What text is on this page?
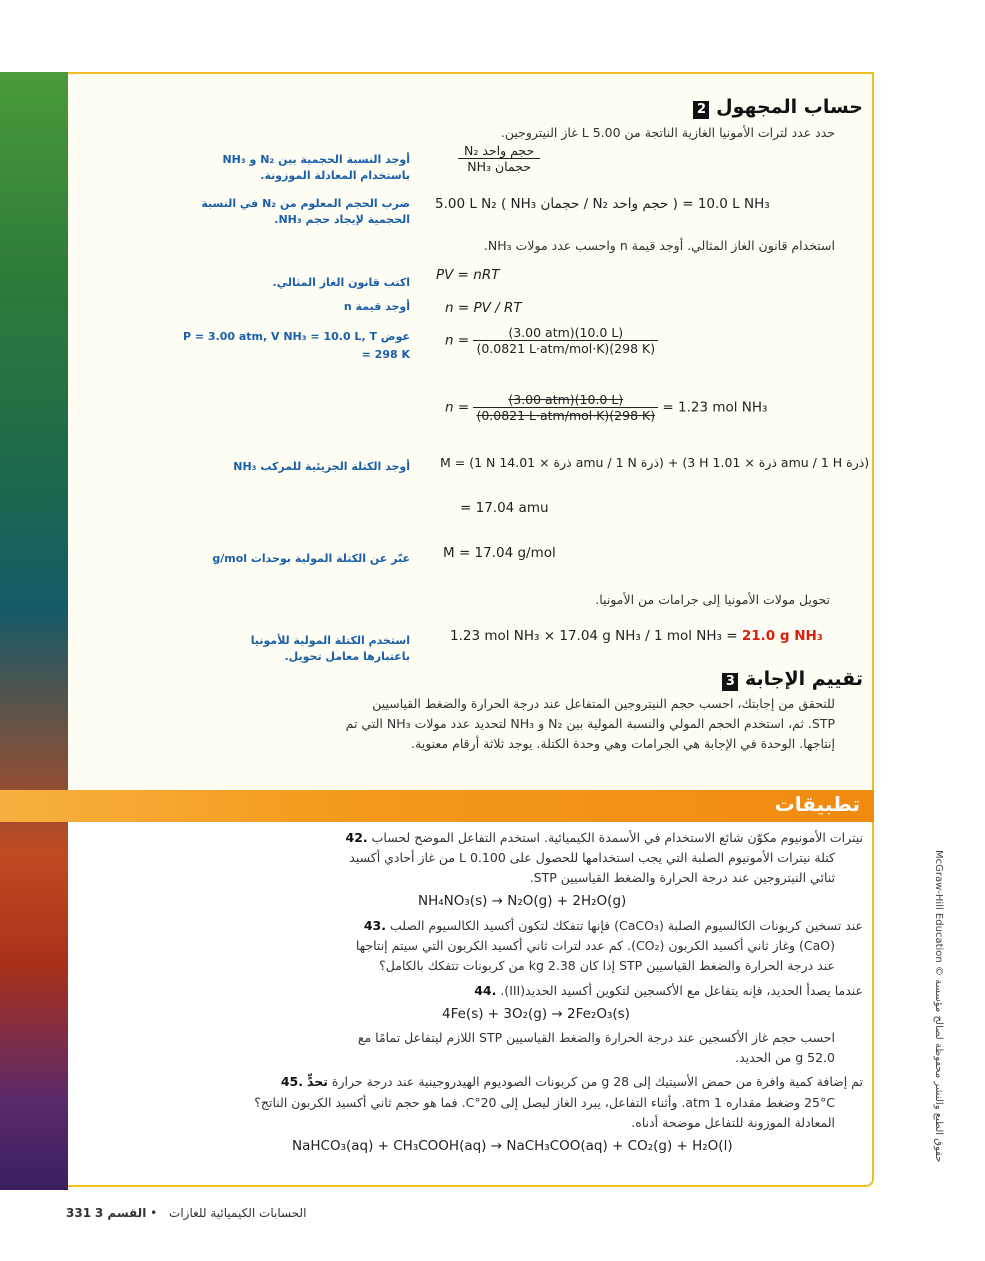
حساب المجهول 2
حدد عدد لترات الأمونيا الغازية الناتجة من 5.00 L غاز النيتروجين.
N₂ حجم واحد
NH₃ حجمان
أوجد النسبة الحجمية بين N₂ و NH₃ باستخدام المعادلة الموزونة.
ضرب الحجم المعلوم من N₂ في النسبة الحجمية لإيجاد حجم NH₃.
5.00 L N₂ ( NH₃ حجمان / N₂ حجم واحد ) = 10.0 L NH₃
استخدام قانون الغاز المثالي. أوجد قيمة n واحسب عدد مولات NH₃.
اكتب قانون الغاز المثالي. PV = nRT
أوجد قيمة n	n = PV / RT
عوض P = 3.00 atm, V NH₃ = 10.0 L, T = 298 K
$n = \frac{\text{(3.00 atm)(10.0 L)}}{\text{(0.0821 L·atm/mol·K)(298 K)}}$
$n = \frac{\text{(3.00 atm)(10.0 L)}}{\text{(0.0821 L·atm/mol·K)(298 K)}} = 1.23$ mol NH₃
أوجد الكتلة الجزيئية للمركب NH₃ M = (1 N ذرة × 14.01 amu / 1 N ذرة) + (3 H ذرة × 1.01 amu / 1 H ذرة)
= 17.04 amu
عبّر عن الكتلة المولية بوحدات g/mol M = 17.04 g/mol
تحويل مولات الأمونيا إلى جرامات من الأمونيا.
استخدم الكتلة المولية للأمونيا باعتبارها معامل تحويل.
1.23 mol NH₃ × 17.04 g NH₃ / 1 mol NH₃ = 21.0 g NH₃
تقييم الإجابة 3
للتحقق من إجابتك، احسب حجم النيتروجين المتفاعل عند درجة الحرارة والضغط القياسيين
STP. ثم، استخدم الحجم المولي والنسبة المولية بين N₂ و NH₃ لتحديد عدد مولات NH₃ التي تم
إنتاجها. الوحدة في الإجابة هي الجرامات وهي وحدة الكتلة. يوجد ثلاثة أرقام معنوية.
تطبيقات
نيترات الأمونيوم مكوّن شائع الاستخدام في الأسمدة الكيميائية. استخدم التفاعل الموضح لحساب .42
كتلة نيترات الأمونيوم الصلبة التي يجب استخدامها للحصول على 0.100 L من غاز أحادي أكسيد
ثنائي النيتروجين عند درجة الحرارة والضغط القياسيين STP.
NH₄NO₃(s) → N₂O(g) + 2H₂O(g)
عند تسخين كربونات الكالسيوم الصلبة (CaCO₃) فإنها تتفكك لتكون أكسيد الكالسيوم الصلب .43
(CaO) وغاز ثاني أكسيد الكربون (CO₂). كم عدد لترات ثاني أكسيد الكربون التي سيتم إنتاجها
عند درجة الحرارة والضغط القياسيين STP إذا كان 2.38 kg من كربونات تتفكك بالكامل؟
عندما يصدأ الحديد، فإنه يتفاعل مع الأكسجين لتكوين أكسيد الحديد(III). .44
4Fe(s) + 3O₂(g) → 2Fe₂O₃(s)
احسب حجم غاز الأكسجين عند درجة الحرارة والضغط القياسيين STP اللازم ليتفاعل تمامًا مع
52.0 g من الحديد.
تم إضافة كمية وافرة من حمض الأسيتيك إلى 28 g من كربونات الصوديوم الهيدروجينية عند درجة حرارة تحدٍّ .45
25°C وضغط مقداره 1 atm. وأثناء التفاعل، يبرد الغاز ليصل إلى 20°C. فما هو حجم ثاني أكسيد الكربون الناتج؟
المعادلة الموزونة للتفاعل موضحة أدناه.
NaHCO₃(aq) + CH₃COOH(aq) → NaCH₃COO(aq) + CO₂(g) + H₂O(l)
McGraw-Hill Education © حقوق الطبع والنشر محفوظة لصالح مؤسسة
331	الحسابات الكيميائية للغازات • القسم 3
